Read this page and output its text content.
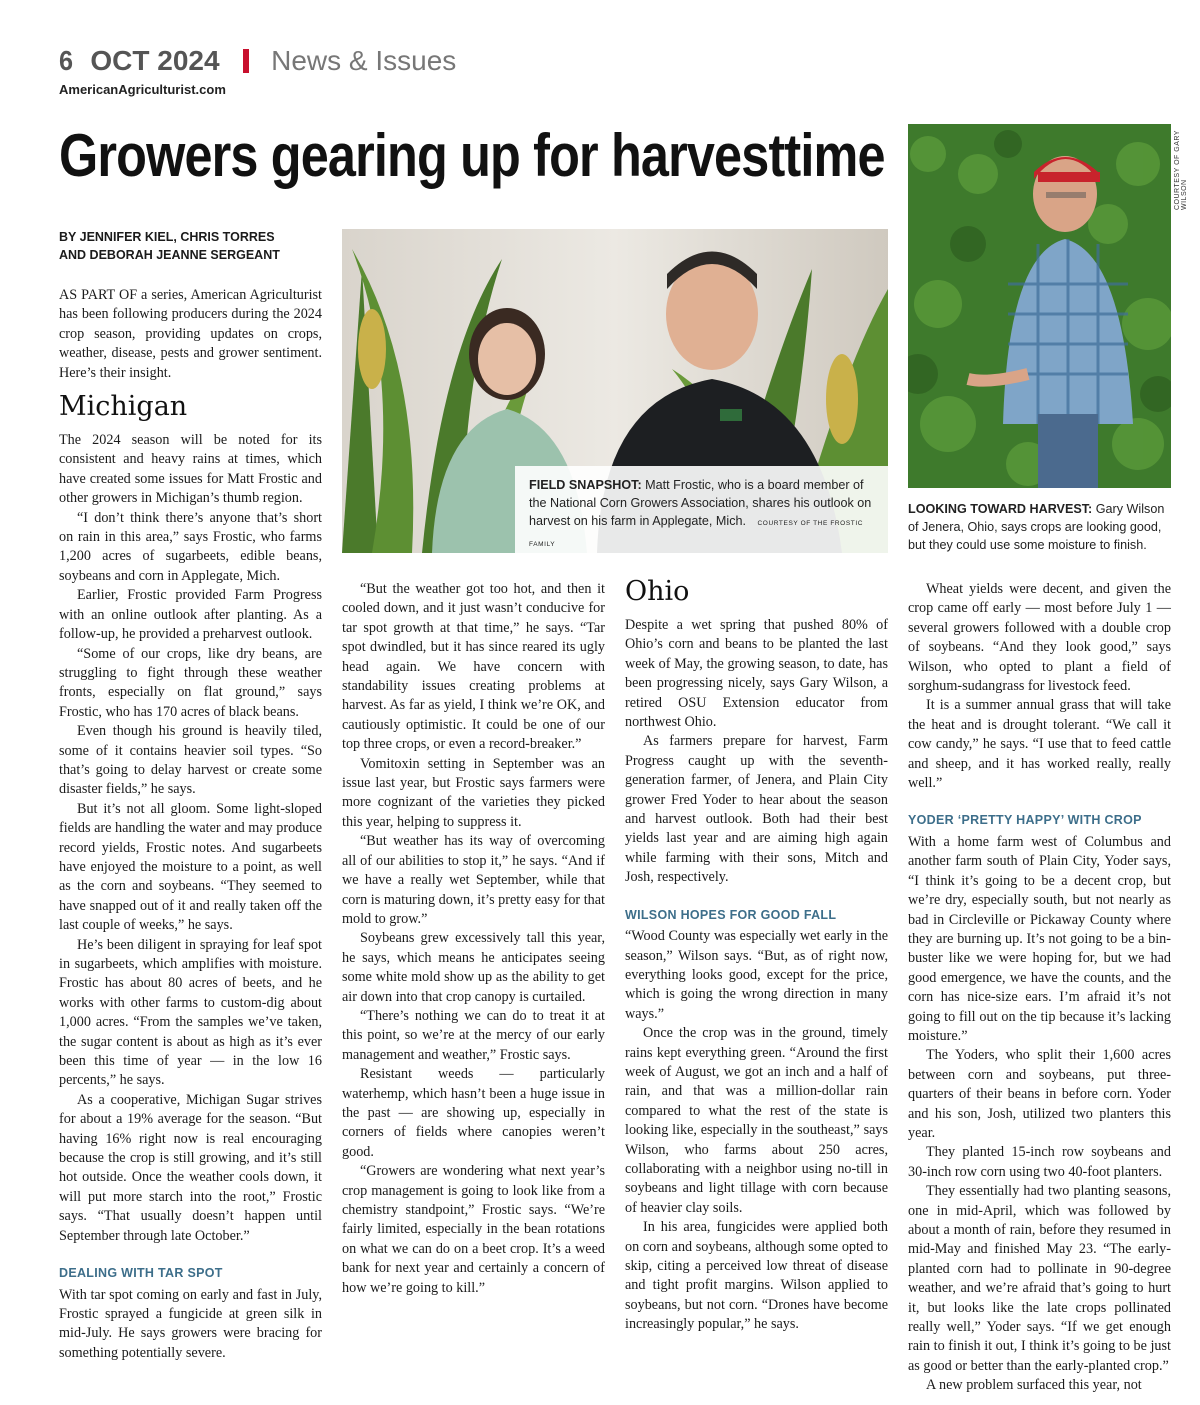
6 OCT 2024 News & Issues
AmericanAgriculturist.com
Growers gearing up for harvesttime
BY JENNIFER KIEL, CHRIS TORRES
AND DEBORAH JEANNE SERGEANT
FIELD SNAPSHOT: Matt Frostic, who is a board member of the National Corn Growers Association, shares his outlook on harvest on his farm in Applegate, Mich. COURTESY OF THE FROSTIC FAMILY
COURTESY OF GARY WILSON
LOOKING TOWARD HARVEST: Gary Wilson of Jenera, Ohio, says crops are looking good, but they could use some moisture to finish.

AS PART OF a series, American Agriculturist has been following producers during the 2024 crop season, providing updates on crops, weather, disease, pests and grower sentiment. Here’s their insight.

Michigan

The 2024 season will be noted for its consistent and heavy rains at times, which have created some issues for Matt Frostic and other growers in Michigan’s thumb region.

“I don’t think there’s anyone that’s short on rain in this area,” says Frostic, who farms 1,200 acres of sugarbeets, edible beans, soybeans and corn in Applegate, Mich.

Earlier, Frostic provided Farm Progress with an online outlook after planting. As a follow-up, he provided a preharvest outlook.

“Some of our crops, like dry beans, are struggling to fight through these weather fronts, especially on flat ground,” says Frostic, who has 170 acres of black beans.

Even though his ground is heavily tiled, some of it contains heavier soil types. “So that’s going to delay harvest or create some disaster fields,” he says.

But it’s not all gloom. Some light-sloped fields are handling the water and may produce record yields, Frostic notes. And sugarbeets have enjoyed the moisture to a point, as well as the corn and soybeans. “They seemed to have snapped out of it and really taken off the last couple of weeks,” he says.

He’s been diligent in spraying for leaf spot in sugarbeets, which amplifies with moisture. Frostic has about 80 acres of beets, and he works with other farms to custom-dig about 1,000 acres. “From the samples we’ve taken, the sugar content is about as high as it’s ever been this time of year — in the low 16 percents,” he says.

As a cooperative, Michigan Sugar strives for about a 19% average for the season. “But having 16% right now is real encouraging because the crop is still growing, and it’s still hot outside. Once the weather cools down, it will put more starch into the root,” Frostic says. “That usually doesn’t happen until September through late October.”

DEALING WITH TAR SPOT

With tar spot coming on early and fast in July, Frostic sprayed a fungicide at green silk in mid-July. He says growers were bracing for something potentially severe.

“But the weather got too hot, and then it cooled down, and it just wasn’t conducive for tar spot growth at that time,” he says. “Tar spot dwindled, but it has since reared its ugly head again. We have concern with standability issues creating problems at harvest. As far as yield, I think we’re OK, and cautiously optimistic. It could be one of our top three crops, or even a record-breaker.”

Vomitoxin setting in September was an issue last year, but Frostic says farmers were more cognizant of the varieties they picked this year, helping to suppress it.

“But weather has its way of overcoming all of our abilities to stop it,” he says. “And if we have a really wet September, while that corn is maturing down, it’s pretty easy for that mold to grow.”

Soybeans grew excessively tall this year, he says, which means he anticipates seeing some white mold show up as the ability to get air down into that crop canopy is curtailed.

“There’s nothing we can do to treat it at this point, so we’re at the mercy of our early management and weather,” Frostic says.

Resistant weeds — particularly waterhemp, which hasn’t been a huge issue in the past — are showing up, especially in corners of fields where canopies weren’t good.

“Growers are wondering what next year’s crop management is going to look like from a chemistry standpoint,” Frostic says. “We’re fairly limited, especially in the bean rotations on what we can do on a beet crop. It’s a weed bank for next year and certainly a concern of how we’re going to kill.”

Ohio

Despite a wet spring that pushed 80% of Ohio’s corn and beans to be planted the last week of May, the growing season, to date, has been progressing nicely, says Gary Wilson, a retired OSU Extension educator from northwest Ohio.

As farmers prepare for harvest, Farm Progress caught up with the seventh-generation farmer, of Jenera, and Plain City grower Fred Yoder to hear about the season and harvest outlook. Both had their best yields last year and are aiming high again while farming with their sons, Mitch and Josh, respectively.

WILSON HOPES FOR GOOD FALL

“Wood County was especially wet early in the season,” Wilson says. “But, as of right now, everything looks good, except for the price, which is going the wrong direction in many ways.”

Once the crop was in the ground, timely rains kept everything green. “Around the first week of August, we got an inch and a half of rain, and that was a million-dollar rain compared to what the rest of the state is looking like, especially in the southeast,” says Wilson, who farms about 250 acres, collaborating with a neighbor using no-till in soybeans and light tillage with corn because of heavier clay soils.

In his area, fungicides were applied both on corn and soybeans, although some opted to skip, citing a perceived low threat of disease and tight profit margins. Wilson applied to soybeans, but not corn. “Drones have become increasingly popular,” he says.

Wheat yields were decent, and given the crop came off early — most before July 1 — several growers followed with a double crop of soybeans. “And they look good,” says Wilson, who opted to plant a field of sorghum-sudangrass for livestock feed.

It is a summer annual grass that will take the heat and is drought tolerant. “We call it cow candy,” he says. “I use that to feed cattle and sheep, and it has worked really, really well.”

YODER ‘PRETTY HAPPY’ WITH CROP

With a home farm west of Columbus and another farm south of Plain City, Yoder says, “I think it’s going to be a decent crop, but we’re dry, especially south, but not nearly as bad in Circleville or Pickaway County where they are burning up. It’s not going to be a bin-buster like we were hoping for, but we had good emergence, we have the counts, and the corn has nice-size ears. I’m afraid it’s not going to fill out on the tip because it’s lacking moisture.”

The Yoders, who split their 1,600 acres between corn and soybeans, put three-quarters of their beans in before corn. Yoder and his son, Josh, utilized two planters this year.

They planted 15-inch row soybeans and 30-inch row corn using two 40-foot planters.

They essentially had two planting seasons, one in mid-April, which was followed by about a month of rain, before they resumed in mid-May and finished May 23. “The early-planted corn had to pollinate in 90-degree weather, and we’re afraid that’s going to hurt it, but looks like the late crops pollinated really well,” Yoder says. “If we get enough rain to finish it out, I think it’s going to be just as good or better than the early-planted crop.”

A new problem surfaced this year, not
